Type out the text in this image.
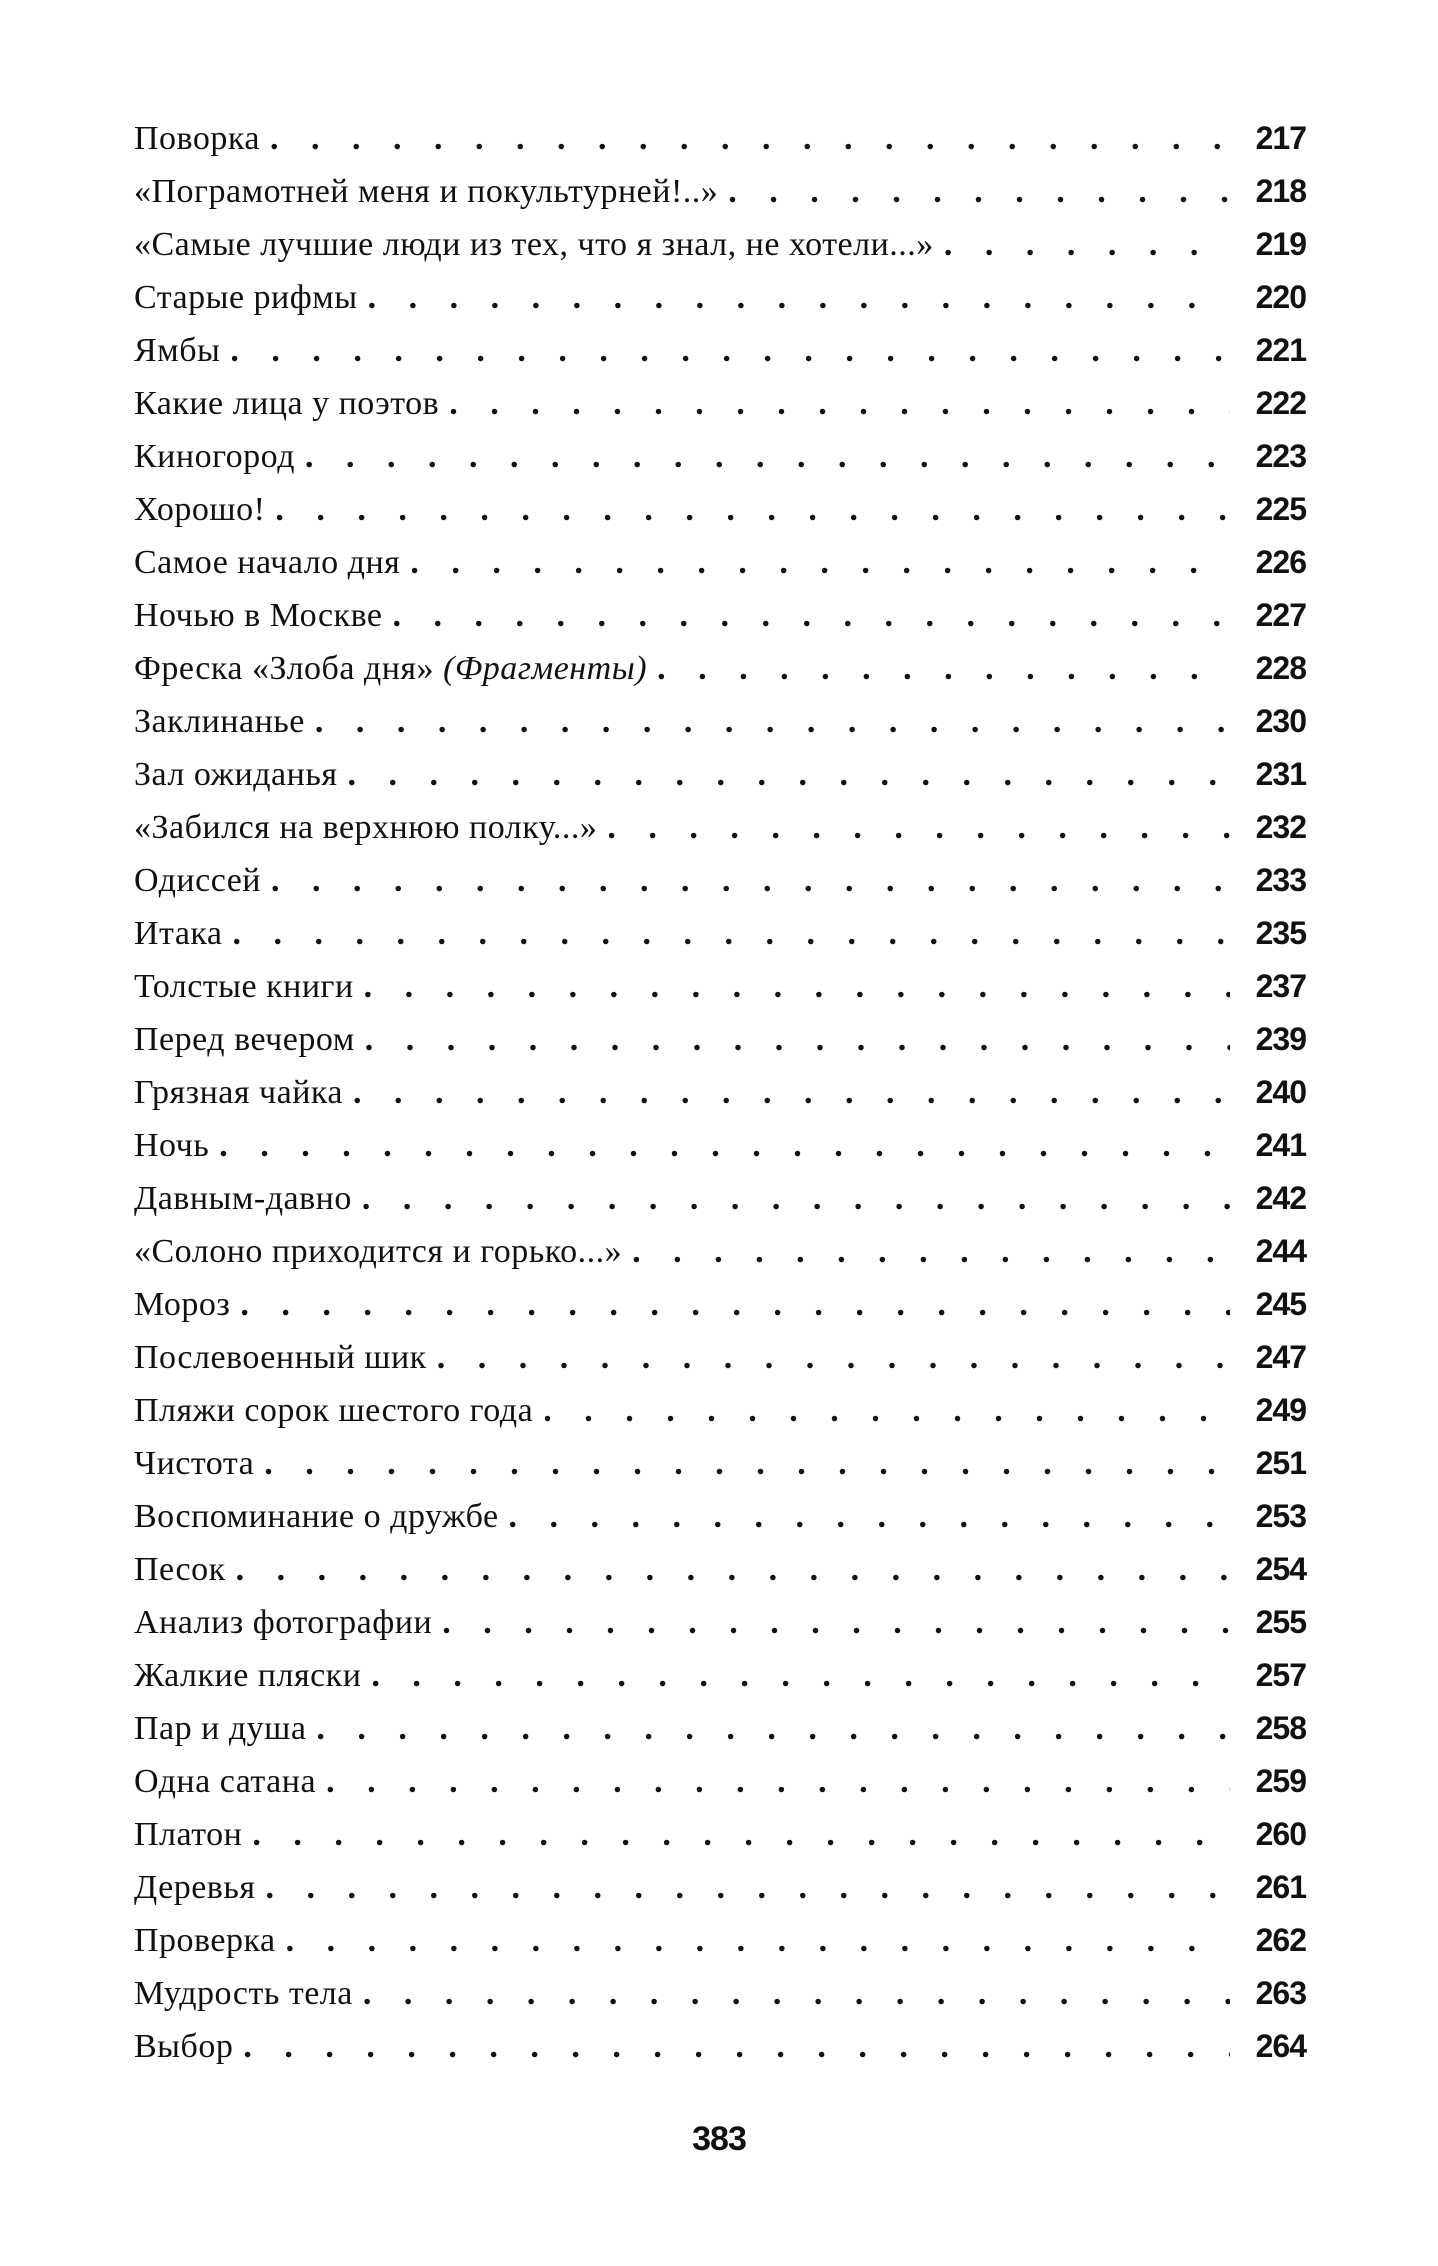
Поворка . . .	217
«Пограмотней меня и покультурней!..» . . .	218
«Самые лучшие люди из тех, что я знал, не хотели...» . . .	219
Старые рифмы . . .	220
Ямбы . . .	221
Какие лица у поэтов . . .	222
Киногород . . .	223
Хорошо! . . .	225
Самое начало дня . . .	226
Ночью в Москве . . .	227
Фреска «Злоба дня» (Фрагменты) . . .	228
Заклинанье . . .	230
Зал ожиданья . . .	231
«Забился на верхнюю полку...» . . .	232
Одиссей . . .	233
Итака . . .	235
Толстые книги . . .	237
Перед вечером . . .	239
Грязная чайка . . .	240
Ночь . . .	241
Давным-давно . . .	242
«Солоно приходится и горько...» . . .	244
Мороз . . .	245
Послевоенный шик . . .	247
Пляжи сорок шестого года . . .	249
Чистота . . .	251
Воспоминание о дружбе . . .	253
Песок . . .	254
Анализ фотографии . . .	255
Жалкие пляски . . .	257
Пар и душа . . .	258
Одна сатана . . .	259
Платон . . .	260
Деревья . . .	261
Проверка . . .	262
Мудрость тела . . .	263
Выбор . . .	264
383
